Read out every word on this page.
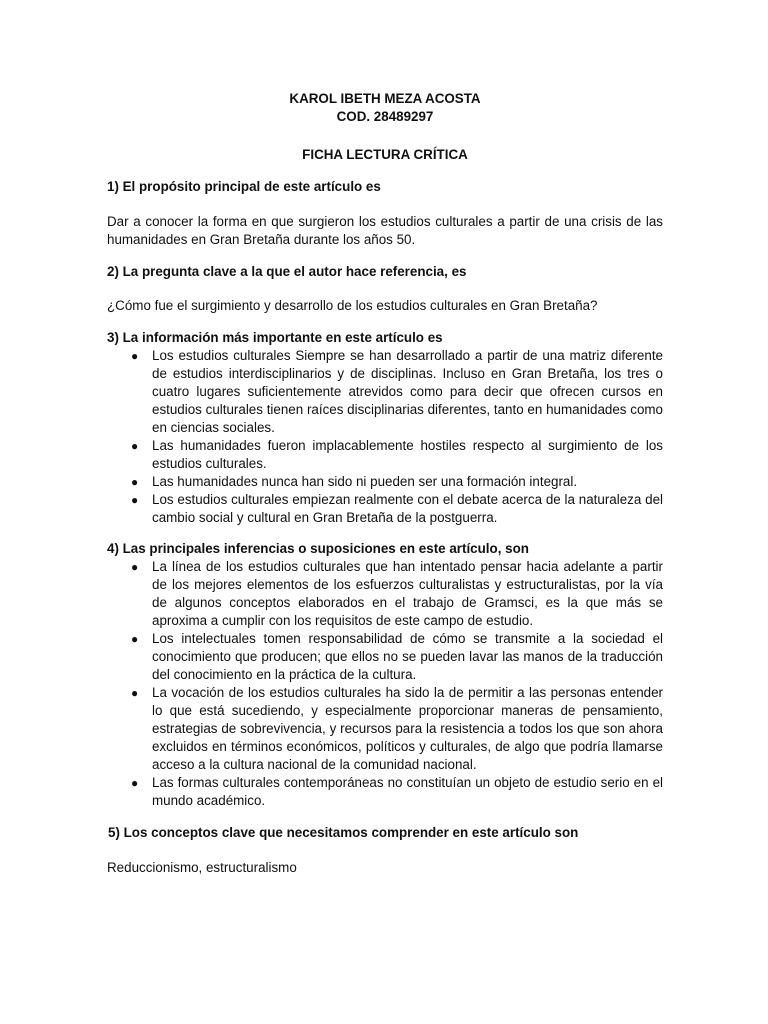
KAROL IBETH MEZA ACOSTA

COD. 28489297

FICHA LECTURA CRÍTICA

1) El propósito principal de este artículo es

Dar a conocer la forma en que surgieron los estudios culturales a partir de una crisis de las humanidades en Gran Bretaña durante los años 50.

2) La pregunta clave a la que el autor hace referencia, es

¿Cómo fue el surgimiento y desarrollo de los estudios culturales en Gran Bretaña?

3) La información más importante en este artículo es

● Los estudios culturales Siempre se han desarrollado a partir de una matriz diferente de estudios interdisciplinarios y de disciplinas. Incluso en Gran Bretaña, los tres o cuatro lugares suficientemente atrevidos como para decir que ofrecen cursos en estudios culturales tienen raíces disciplinarias diferentes, tanto en humanidades como en ciencias sociales.
● Las humanidades fueron implacablemente hostiles respecto al surgimiento de los estudios culturales.
● Las humanidades nunca han sido ni pueden ser una formación integral.
● Los estudios culturales empiezan realmente con el debate acerca de la naturaleza del cambio social y cultural en Gran Bretaña de la postguerra.

4) Las principales inferencias o suposiciones en este artículo, son

● La línea de los estudios culturales que han intentado pensar hacia adelante a partir de los mejores elementos de los esfuerzos culturalistas y estructuralistas, por la vía de algunos conceptos elaborados en el trabajo de Gramsci, es la que más se aproxima a cumplir con los requisitos de este campo de estudio.
● Los intelectuales tomen responsabilidad de cómo se transmite a la sociedad el conocimiento que producen; que ellos no se pueden lavar las manos de la traducción del conocimiento en la práctica de la cultura.
● La vocación de los estudios culturales ha sido la de permitir a las personas entender lo que está sucediendo, y especialmente proporcionar maneras de pensamiento, estrategias de sobrevivencia, y recursos para la resistencia a todos los que son ahora excluidos en términos económicos, políticos y culturales, de algo que podría llamarse acceso a la cultura nacional de la comunidad nacional.
● Las formas culturales contemporáneas no constituían un objeto de estudio serio en el mundo académico.

5) Los conceptos clave que necesitamos comprender en este artículo son

Reduccionismo, estructuralismo
